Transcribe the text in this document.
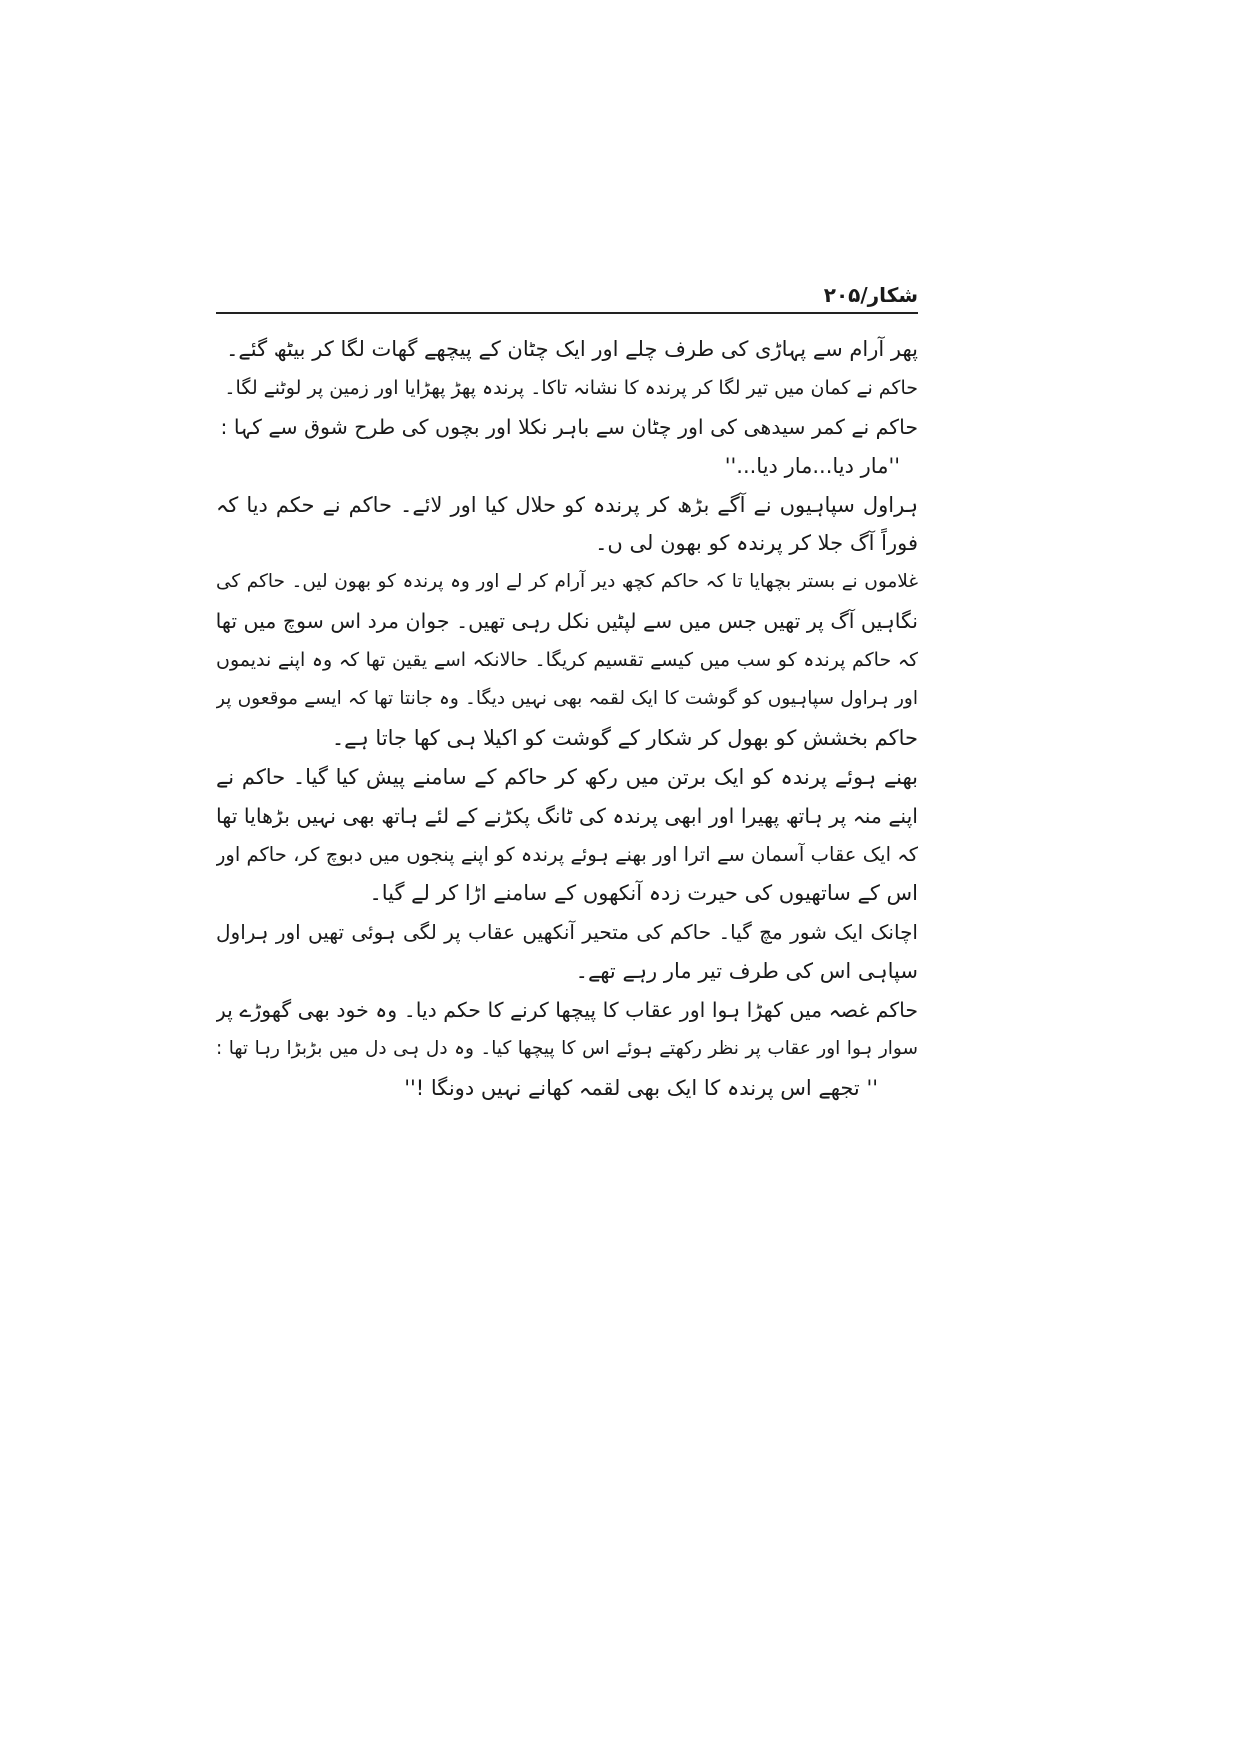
شکار/۲۰۵

پھر آرام سے پہاڑی کی طرف چلے اور ایک چٹان کے پیچھے گھات لگا کر بیٹھ گئے۔

حاکم نے کمان میں تیر لگا کر پرندہ کا نشانہ تاکا۔ پرندہ پھڑ پھڑایا اور زمین پر لوٹنے لگا۔

حاکم نے کمر سیدھی کی اور چٹان سے باہر نکلا اور بچوں کی طرح شوق سے کہا :

''مار دیا...مار دیا...''

ہراول سپاہیوں نے آگے بڑھ کر پرندہ کو حلال کیا اور لائے۔ حاکم نے حکم دیا کہ

فوراً آگ جلا کر پرندہ کو بھون لی ں۔

غلاموں نے بستر بچھایا تا کہ حاکم کچھ دیر آرام کر لے اور وہ پرندہ کو بھون لیں۔ حاکم کی

نگاہیں آگ پر تھیں جس میں سے لپٹیں نکل رہی تھیں۔ جوان مرد اس سوچ میں تھا

کہ حاکم پرندہ کو سب میں کیسے تقسیم کریگا۔ حالانکہ اسے یقین تھا کہ وہ اپنے ندیموں

اور ہراول سپاہیوں کو گوشت کا ایک لقمہ بھی نہیں دیگا۔ وہ جانتا تھا کہ ایسے موقعوں پر

حاکم بخشش کو بھول کر شکار کے گوشت کو اکیلا ہی کھا جاتا ہے۔

بھنے ہوئے پرندہ کو ایک برتن میں رکھ کر حاکم کے سامنے پیش کیا گیا۔ حاکم نے

اپنے منہ پر ہاتھ پھیرا اور ابھی پرندہ کی ٹانگ پکڑنے کے لئے ہاتھ بھی نہیں بڑھایا تھا

کہ ایک عقاب آسمان سے اترا اور بھنے ہوئے پرندہ کو اپنے پنجوں میں دبوچ کر، حاکم اور

اس کے ساتھیوں کی حیرت زدہ آنکھوں کے سامنے اڑا کر لے گیا۔

اچانک ایک شور مچ گیا۔ حاکم کی متحیر آنکھیں عقاب پر لگی ہوئی تھیں اور ہراول

سپاہی اس کی طرف تیر مار رہے تھے۔

حاکم غصہ میں کھڑا ہوا اور عقاب کا پیچھا کرنے کا حکم دیا۔ وہ خود بھی گھوڑے پر

سوار ہوا اور عقاب پر نظر رکھتے ہوئے اس کا پیچھا کیا۔ وہ دل ہی دل میں بڑبڑا رہا تھا :

'' تجھے اس پرندہ کا ایک بھی لقمہ کھانے نہیں دونگا !''
